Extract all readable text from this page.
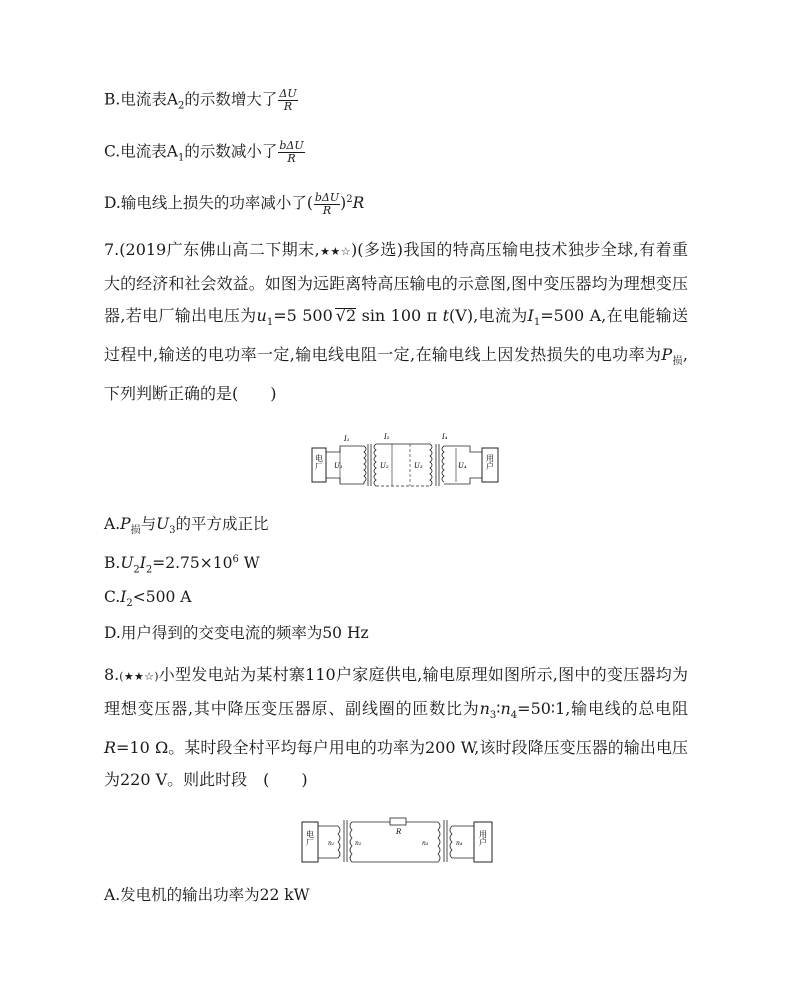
B.电流表$A_2$的示数增大了 $\frac{\Delta U}{R}$
C.电流表$A_1$的示数减小了 $\frac{\text{bΔU}}{R}$
D.输电线上损失的功率减小了( $\frac{\text{bΔU}}{R} )^2R$
7.(2019广东佛山高二下期末,★★☆)(多选)我国的特高压输电技术独步全球,有着重大的经济和社会效益。如图为远距离特高压输电的示意图,图中变压器均为理想变压器,若电厂输出电压为$u_1=5$ 500 √2 sin 100 π t(V),电流为$I_1=500$ A,在电能输送过程中,输送的电功率一定,输电线电阻一定,在输电线上因发热损失的电功率为$P_损$,下列判断正确的是(　　)
电厂
I₁
U₁	U₂
I₂
U₃
I₄
U₄ 用户
$A.P_损$与$U_3$的平方成正比
$B.U_2I_2=2.75\times 10^6$ W
$C.I_2<500$ A
D.用户得到的交变电流的频率为50 Hz
8.(★★☆)小型发电站为某村寨110户家庭供电,输电原理如图所示,图中的变压器均为理想变压器,其中降压变压器原、副线圈的匝数比为$n_3∶n_4=50∶1$,输电线的总电阻R=10 Ω。某时段全村平均每户用电的功率为200 W,该时段降压变压器的输出电压为220 V。则此时段　(　　)
电厂 n₁	n₂
R
n₃	n₄ 用户
A.发电机的输出功率为22 kW
